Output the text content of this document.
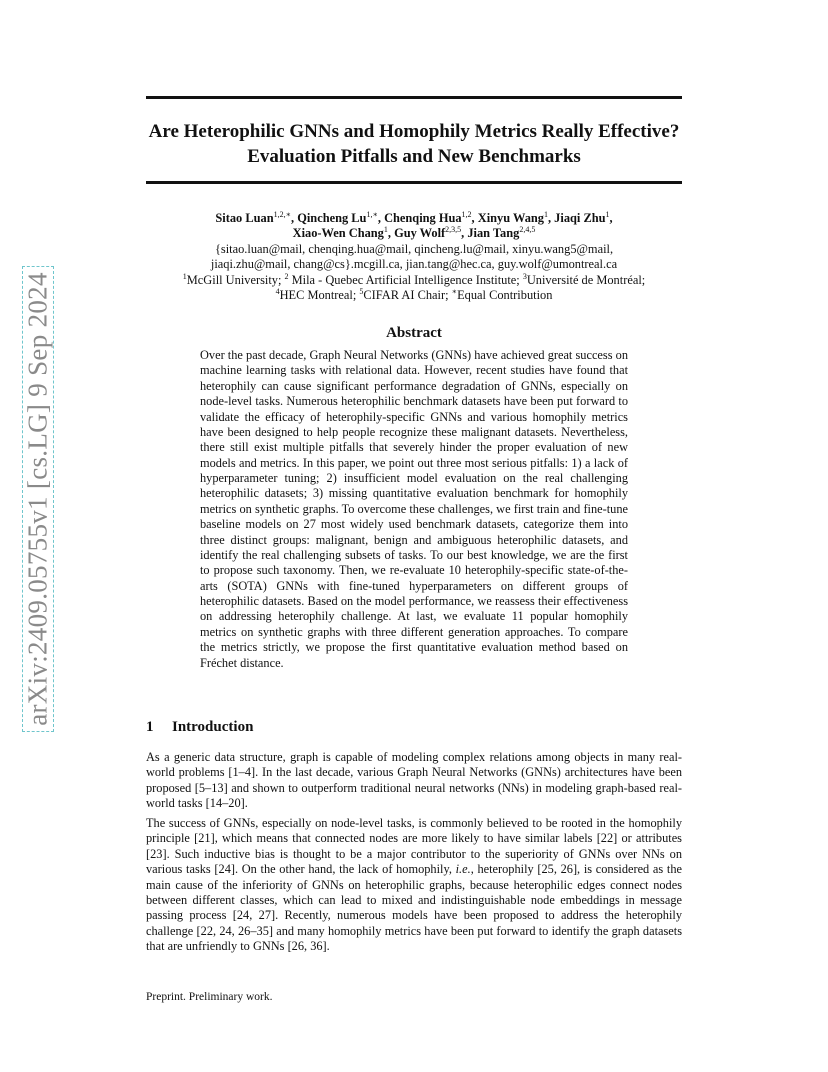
Are Heterophilic GNNs and Homophily Metrics Really Effective? Evaluation Pitfalls and New Benchmarks
Sitao Luan$^{1,2,∗}$, Qincheng $Lu^{1,∗}$, Chenqing Hua$^{1,2}$, Xinyu Wang$^1$, Jiaqi Zhu$^1$,
Xiao-Wen Chang$^1$, Guy Wolf$^{2,3,5}$, Jian Tang$^{2,4,5}$
{sitao.luan@mail, chenqing.hua@mail, qincheng.lu@mail, xinyu.wang5@mail,
jiaqi.zhu@mail, chang@cs}.mcgill.ca, jian.tang@hec.ca, guy.wolf@umontreal.ca
$^1$McGill University; $^2$ Mila - Quebec Artificial Intelligence Institute; $^3$Université de Montréal;
$^4$HEC Montreal; $^5$CIFAR AI Chair; ∗Equal Contribution
arXiv:2409.05755v1 [cs.LG] 9 Sep 2024	Abstract
Over the past decade, Graph Neural Networks (GNNs) have achieved great success on machine learning tasks with relational data. However, recent studies have found that heterophily can cause significant performance degradation of GNNs, especially on node-level tasks. Numerous heterophilic benchmark datasets have been put forward to validate the efficacy of heterophily-specific GNNs and various homophily metrics have been designed to help people recognize these malignant datasets. Nevertheless, there still exist multiple pitfalls that severely hinder the proper evaluation of new models and metrics. In this paper, we point out three most serious pitfalls: 1) a lack of hyperparameter tuning; 2) insufficient model evaluation on the real challenging heterophilic datasets; 3) missing quantitative evaluation benchmark for homophily metrics on synthetic graphs. To overcome these challenges, we first train and fine-tune baseline models on 27 most widely used benchmark datasets, categorize them into three distinct groups: malignant, benign and ambiguous heterophilic datasets, and identify the real challenging subsets of tasks. To our best knowledge, we are the first to propose such taxonomy. Then, we re-evaluate 10 heterophily-specific state-of-the-arts (SOTA) GNNs with fine-tuned hyperparameters on different groups of heterophilic datasets. Based on the model performance, we reassess their effectiveness on addressing heterophily challenge. At last, we evaluate 11 popular homophily metrics on synthetic graphs with three different generation approaches. To compare the metrics strictly, we propose the first quantitative evaluation method based on Fréchet distance.
1 Introduction

As a generic data structure, graph is capable of modeling complex relations among objects in many real-world problems [1–4]. In the last decade, various Graph Neural Networks (GNNs) architectures have been proposed [5–13] and shown to outperform traditional neural networks (NNs) in modeling graph-based real-world tasks [14–20].

The success of GNNs, especially on node-level tasks, is commonly believed to be rooted in the homophily principle [21], which means that connected nodes are more likely to have similar labels [22] or attributes [23]. Such inductive bias is thought to be a major contributor to the superiority of GNNs over NNs on various tasks [24]. On the other hand, the lack of homophily, i.e., heterophily [25, 26], is considered as the main cause of the inferiority of GNNs on heterophilic graphs, because heterophilic edges connect nodes between different classes, which can lead to mixed and indistinguishable node embeddings in message passing process [24, 27]. Recently, numerous models have been proposed to address the heterophily challenge [22, 24, 26–35] and many homophily metrics have been put forward to identify the graph datasets that are unfriendly to GNNs [26, 36].

Preprint. Preliminary work.
